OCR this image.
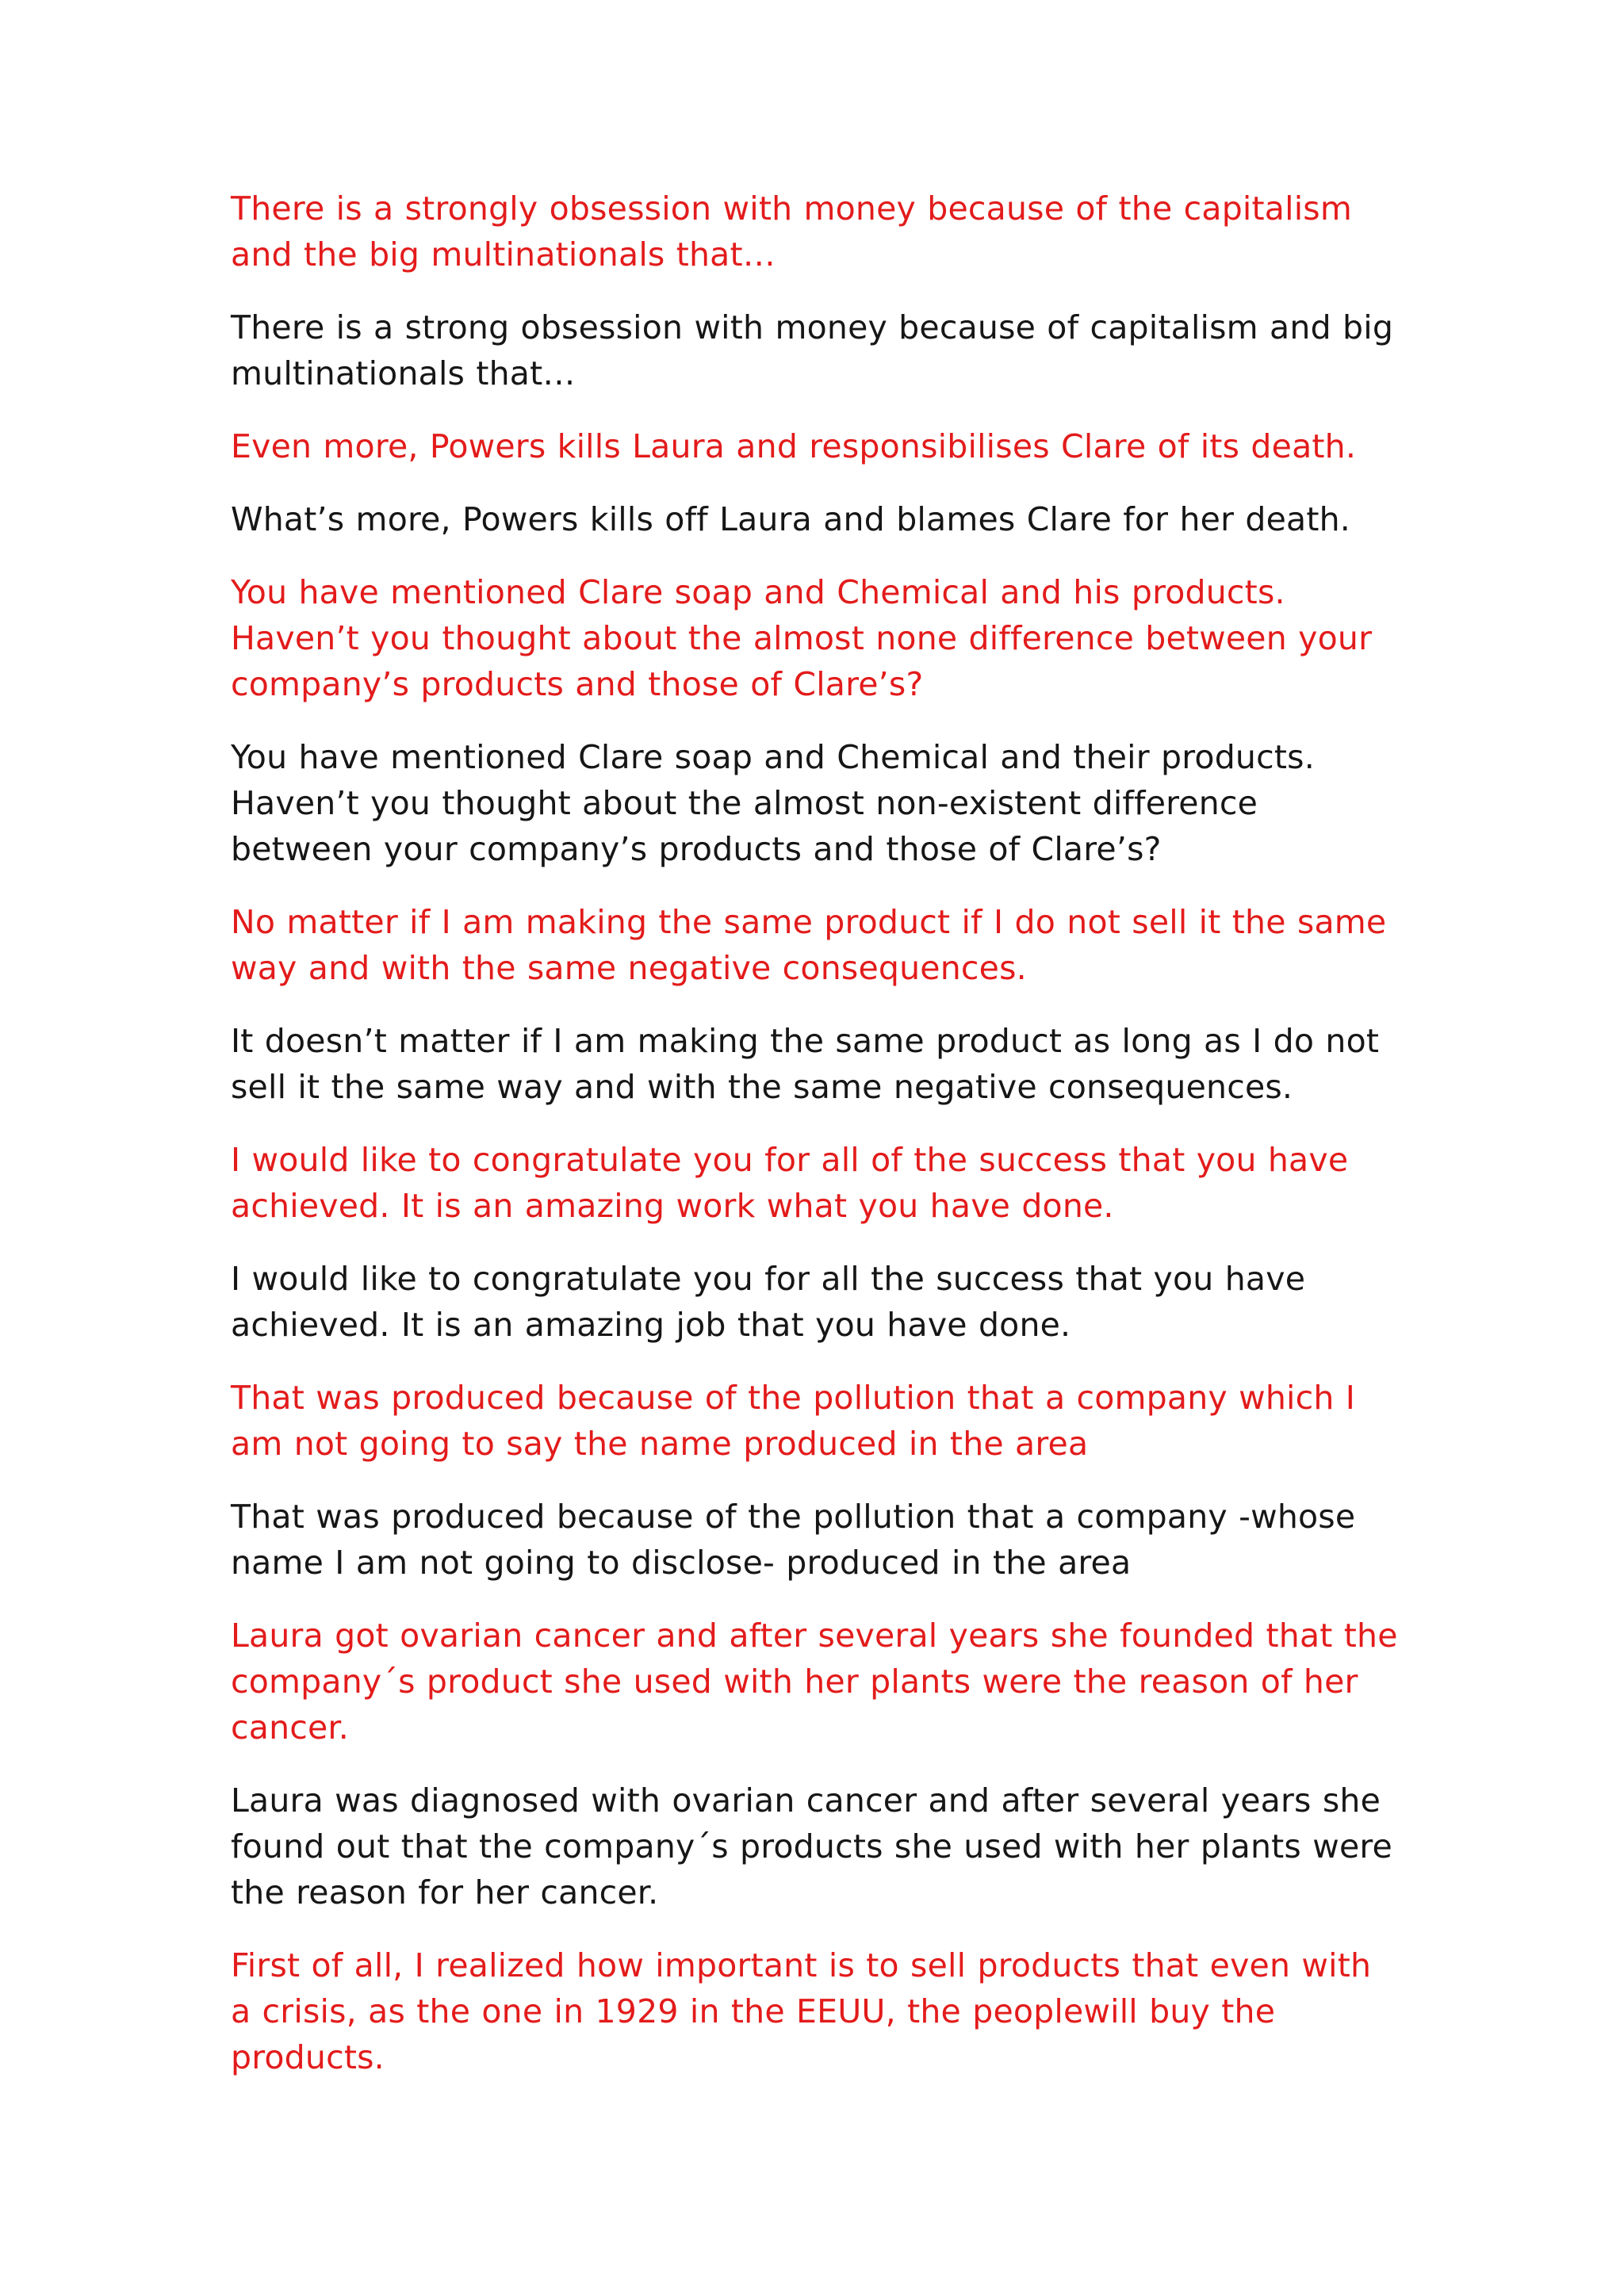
There is a strongly obsession with money because of the capitalism
and the big multinationals that…

There is a strong obsession with money because of capitalism and big
multinationals that…

Even more, Powers kills Laura and responsibilises Clare of its death.

What’s more, Powers kills off Laura and blames Clare for her death.

You have mentioned Clare soap and Chemical and his products.
Haven’t you thought about the almost none difference between your
company’s products and those of Clare’s?

You have mentioned Clare soap and Chemical and their products.
Haven’t you thought about the almost non-existent difference
between your company’s products and those of Clare’s?

No matter if I am making the same product if I do not sell it the same
way and with the same negative consequences.

It doesn’t matter if I am making the same product as long as I do not
sell it the same way and with the same negative consequences.

I would like to congratulate you for all of the success that you have
achieved. It is an amazing work what you have done.

I would like to congratulate you for all the success that you have
achieved. It is an amazing job that you have done.

That was produced because of the pollution that a company which I
am not going to say the name produced in the area

That was produced because of the pollution that a company -whose
name I am not going to disclose- produced in the area

Laura got ovarian cancer and after several years she founded that the
company´s product she used with her plants were the reason of her
cancer.

Laura was diagnosed with ovarian cancer and after several years she
found out that the company´s products she used with her plants were
the reason for her cancer.

First of all, I realized how important is to sell products that even with
a crisis, as the one in 1929 in the EEUU, the peoplewill buy the
products.
